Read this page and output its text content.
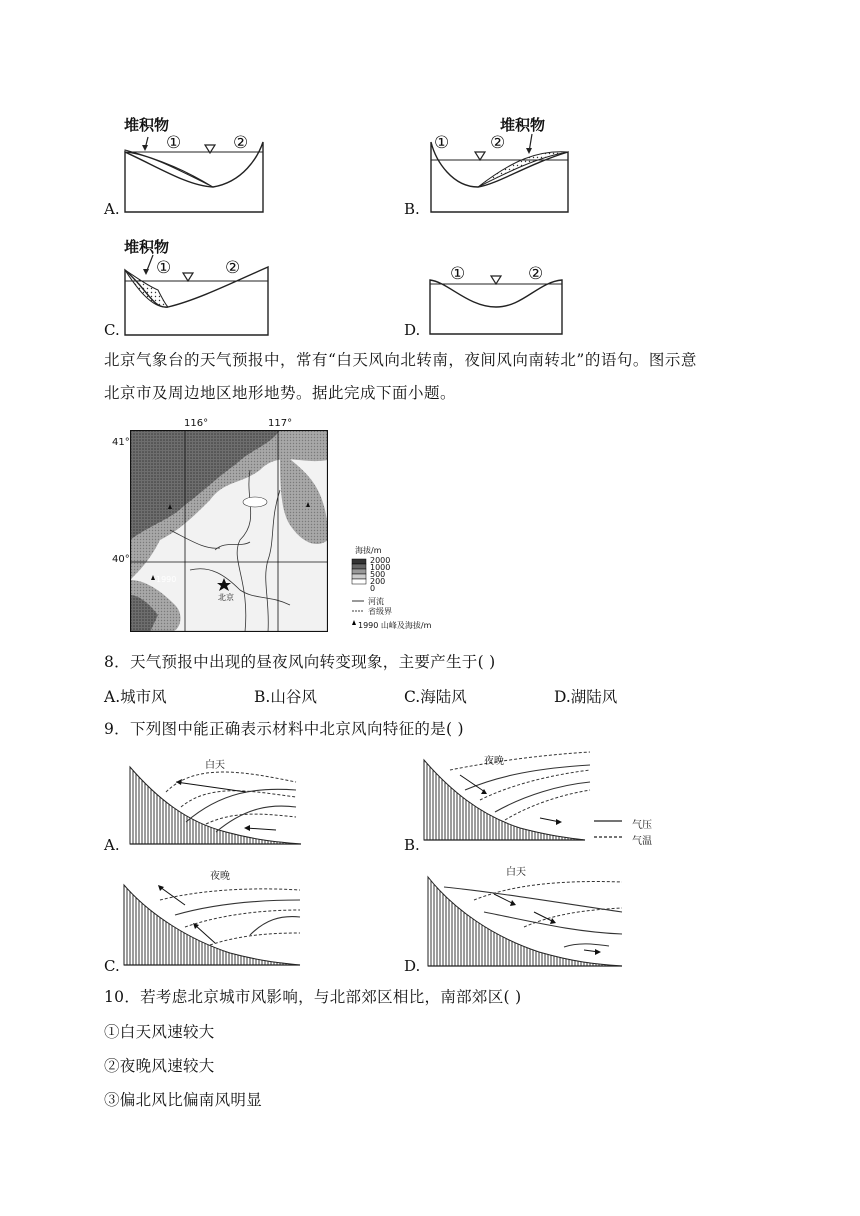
堆积物
①	②
A.
堆积物
① ②
B.
堆积物
①	②
C.
①	②
D.
北京气象台的天气预报中，常有“白天风向北转南，夜间风向南转北”的语句。图示意
北京市及周边地区地形地势。据此完成下面小题。
116°	117°
41°
40°
1990
北京
海拔/m
2000
1000
500
200
0
河流
省级界
1990 山峰及海拔/m
8．天气预报中出现的昼夜风向转变现象，主要产生于( )
A.城市风	B.山谷风	C.海陆风	D.湖陆风
9．下列图中能正确表示材料中北京风向特征的是( )
白天
A.
夜晚
气压
气温
B.
夜晚
C.
白天
D.
10．若考虑北京城市风影响，与北部郊区相比，南部郊区( )
①白天风速较大
②夜晚风速较大
③偏北风比偏南风明显
